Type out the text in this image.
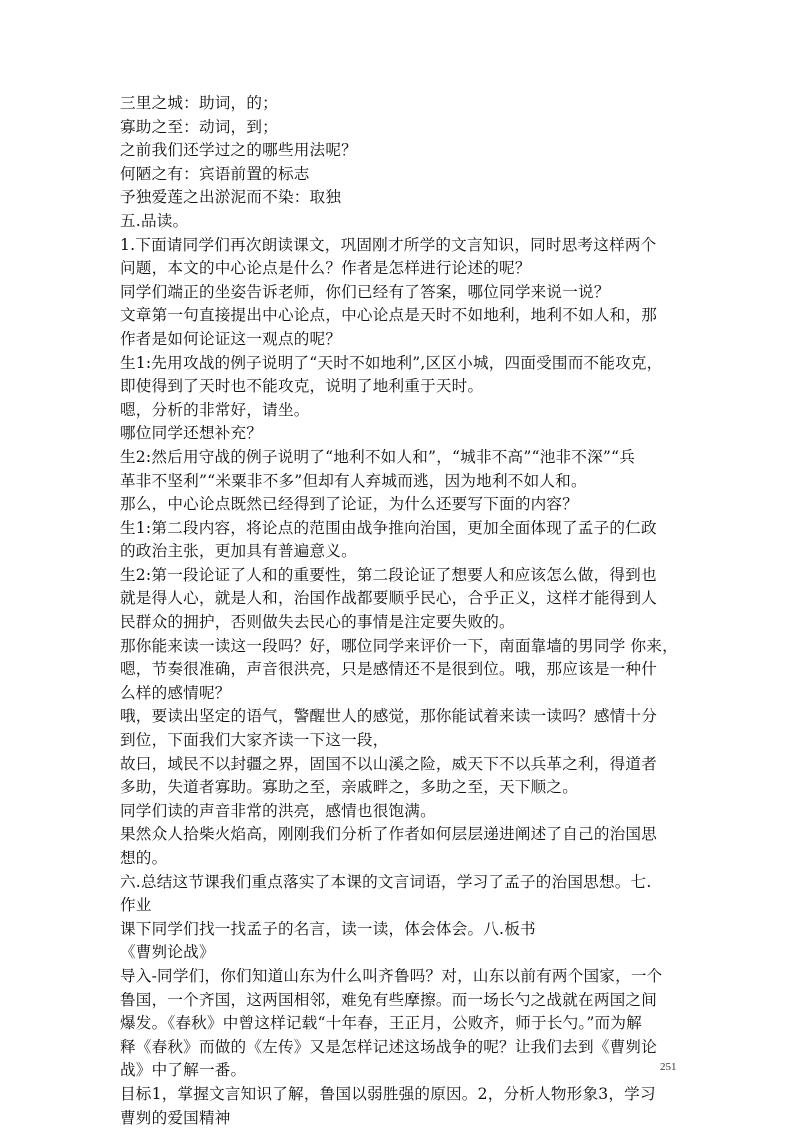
三里之城：助词，的；
寡助之至：动词，到；
之前我们还学过之的哪些用法呢？
何陋之有：宾语前置的标志
予独爱莲之出淤泥而不染：取独
五.品读。
1.下面请同学们再次朗读课文，巩固刚才所学的文言知识，同时思考这样两个
问题，本文的中心论点是什么？作者是怎样进行论述的呢？
同学们端正的坐姿告诉老师，你们已经有了答案，哪位同学来说一说？
文章第一句直接提出中心论点，中心论点是天时不如地利，地利不如人和，那
作者是如何论证这一观点的呢？
生1:先用攻战的例子说明了“天时不如地利”,区区小城，四面受围而不能攻克，
即使得到了天时也不能攻克，说明了地利重于天时。
嗯，分析的非常好，请坐。
哪位同学还想补充？
生2:然后用守战的例子说明了“地利不如人和”，“城非不高”“池非不深”“兵
革非不坚利”“米粟非不多”但却有人弃城而逃，因为地利不如人和。
那么，中心论点既然已经得到了论证，为什么还要写下面的内容？
生1:第二段内容，将论点的范围由战争推向治国，更加全面体现了孟子的仁政
的政治主张，更加具有普遍意义。
生2:第一段论证了人和的重要性，第二段论证了想要人和应该怎么做，得到也
就是得人心，就是人和，治国作战都要顺乎民心，合乎正义，这样才能得到人
民群众的拥护，否则做失去民心的事情是注定要失败的。
那你能来读一读这一段吗？好，哪位同学来评价一下，南面靠墙的男同学 你来，
嗯，节奏很准确，声音很洪亮，只是感情还不是很到位。哦，那应该是一种什
么样的感情呢？
哦，要读出坚定的语气，警醒世人的感觉，那你能试着来读一读吗？感情十分
到位，下面我们大家齐读一下这一段，
故曰，域民不以封疆之界，固国不以山溪之险，威天下不以兵革之利，得道者
多助，失道者寡助。寡助之至，亲戚畔之，多助之至，天下顺之。
同学们读的声音非常的洪亮，感情也很饱满。
果然众人拾柴火焰高，刚刚我们分析了作者如何层层递进阐述了自己的治国思
想的。
六.总结这节课我们重点落实了本课的文言词语，学习了孟子的治国思想。七.
作业
课下同学们找一找孟子的名言，读一读，体会体会。八.板书
《曹刿论战》
导入-同学们，你们知道山东为什么叫齐鲁吗？对，山东以前有两个国家，一个
鲁国，一个齐国，这两国相邻，难免有些摩擦。而一场长勺之战就在两国之间
爆发。《春秋》中曾这样记载“十年春，王正月，公败齐，师于长勺。”而为解
释《春秋》而做的《左传》又是怎样记述这场战争的呢？让我们去到《曹刿论
战》中了解一番。
目标1，掌握文言知识了解，鲁国以弱胜强的原因。2，分析人物形象3，学习
曹刿的爱国精神
251
